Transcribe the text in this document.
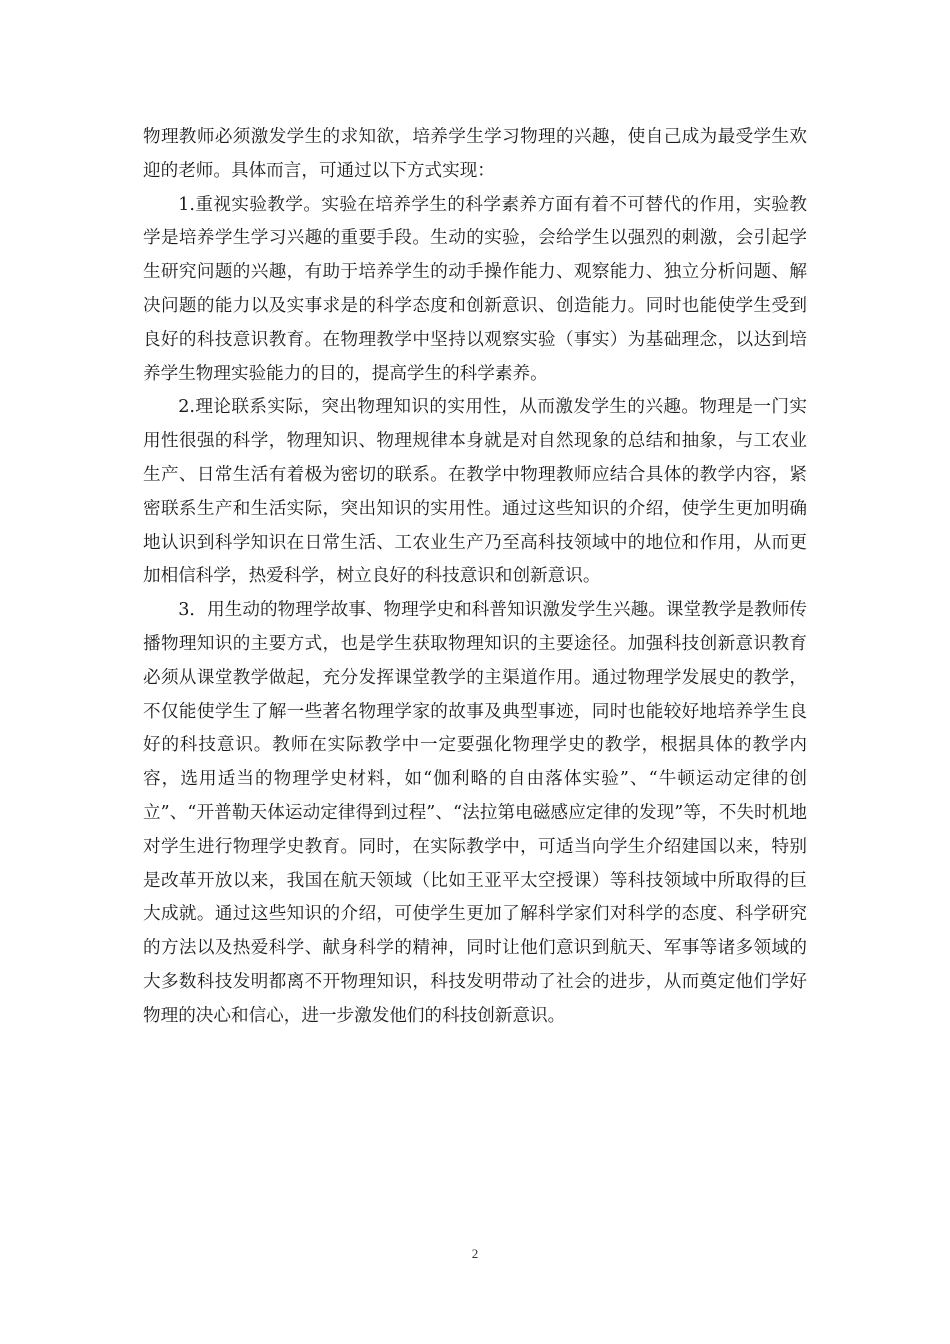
物理教师必须激发学生的求知欲，培养学生学习物理的兴趣，使自己成为最受学生欢迎的老师。具体而言，可通过以下方式实现：

1.重视实验教学。实验在培养学生的科学素养方面有着不可替代的作用，实验教学是培养学生学习兴趣的重要手段。生动的实验，会给学生以强烈的刺激，会引起学生研究问题的兴趣，有助于培养学生的动手操作能力、观察能力、独立分析问题、解决问题的能力以及实事求是的科学态度和创新意识、创造能力。同时也能使学生受到良好的科技意识教育。在物理教学中坚持以观察实验（事实）为基础理念，以达到培养学生物理实验能力的目的，提高学生的科学素养。

2.理论联系实际，突出物理知识的实用性，从而激发学生的兴趣。物理是一门实用性很强的科学，物理知识、物理规律本身就是对自然现象的总结和抽象，与工农业生产、日常生活有着极为密切的联系。在教学中物理教师应结合具体的教学内容，紧密联系生产和生活实际，突出知识的实用性。通过这些知识的介绍，使学生更加明确地认识到科学知识在日常生活、工农业生产乃至高科技领域中的地位和作用，从而更加相信科学，热爱科学，树立良好的科技意识和创新意识。

3．用生动的物理学故事、物理学史和科普知识激发学生兴趣。课堂教学是教师传播物理知识的主要方式，也是学生获取物理知识的主要途径。加强科技创新意识教育必须从课堂教学做起，充分发挥课堂教学的主渠道作用。通过物理学发展史的教学，不仅能使学生了解一些著名物理学家的故事及典型事迹，同时也能较好地培养学生良好的科技意识。教师在实际教学中一定要强化物理学史的教学，根据具体的教学内容，选用适当的物理学史材料，如“伽利略的自由落体实验”、“牛顿运动定律的创立”、“开普勒天体运动定律得到过程”、“法拉第电磁感应定律的发现”等，不失时机地对学生进行物理学史教育。同时，在实际教学中，可适当向学生介绍建国以来，特别是改革开放以来，我国在航天领域（比如王亚平太空授课）等科技领域中所取得的巨大成就。通过这些知识的介绍，可使学生更加了解科学家们对科学的态度、科学研究的方法以及热爱科学、献身科学的精神，同时让他们意识到航天、军事等诸多领域的大多数科技发明都离不开物理知识，科技发明带动了社会的进步，从而奠定他们学好物理的决心和信心，进一步激发他们的科技创新意识。

2
